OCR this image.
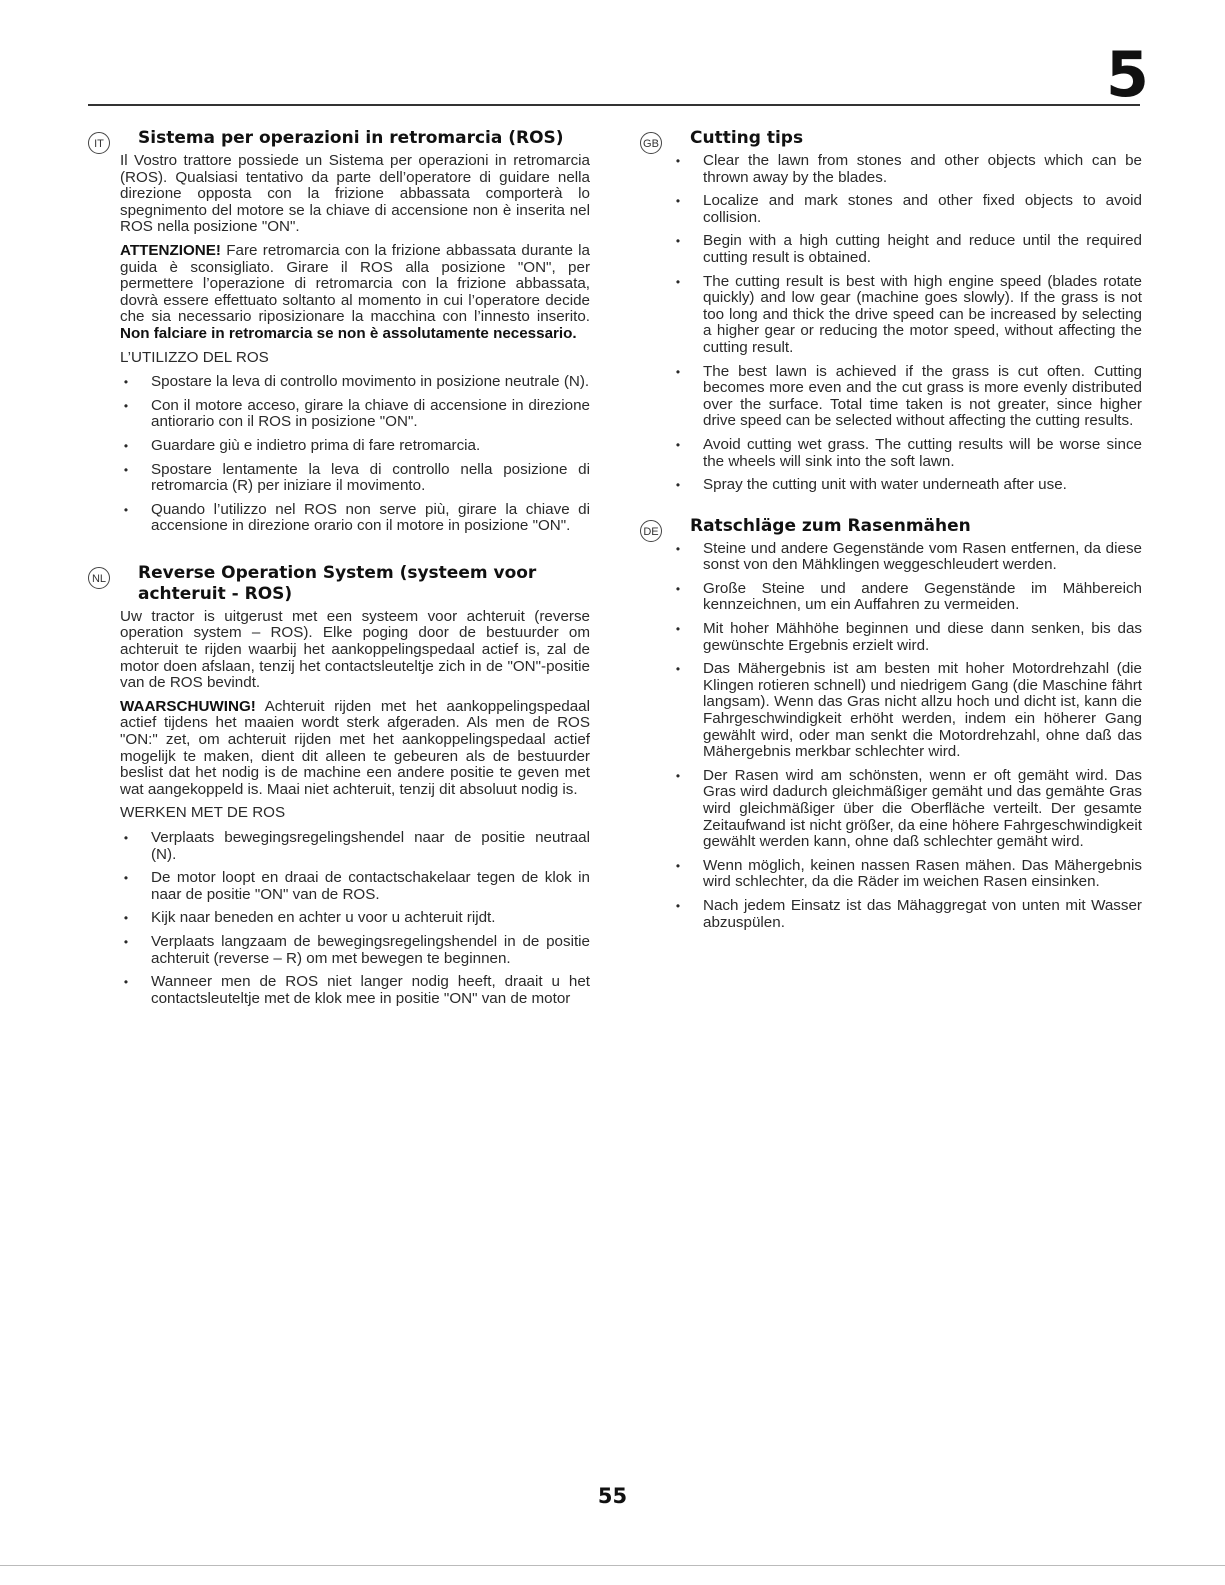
5
IT	Sistema per operazioni in retromarcia (ROS)

Il Vostro trattore possiede un Sistema per operazioni in retromarcia (ROS). Qualsiasi tentativo da parte dell’operatore di guidare nella direzione opposta con la frizione abbassata comporterà lo spegnimento del motore se la chiave di accensione non è inserita nel ROS nella posizione "ON".

ATTENZIONE! Fare retromarcia con la frizione abbassata durante la guida è sconsigliato. Girare il ROS alla posizione "ON", per permettere l’operazione di retromarcia con la frizione abbassata, dovrà essere effettuato soltanto al momento in cui l’operatore decide che sia necessario riposizionare la macchina con l’innesto inserito. Non falciare in retromarcia se non è assolutamente necessario.

L’UTILIZZO DEL ROS

• Spostare la leva di controllo movimento in posizione neutrale (N).
• Con il motore acceso, girare la chiave di accensione in direzione antiorario con il ROS in posizione "ON".
• Guardare giù e indietro prima di fare retromarcia.
• Spostare lentamente la leva di controllo nella posizione di retromarcia (R) per iniziare il movimento.
• Quando l’utilizzo nel ROS non serve più, girare la chiave di accensione in direzione orario con il motore in posizione "ON".
NL Reverse Operation System (systeem voor achteruit - ROS)

Uw tractor is uitgerust met een systeem voor achteruit (reverse operation system – ROS). Elke poging door de bestuurder om achteruit te rijden waarbij het aankoppelingspedaal actief is, zal de motor doen afslaan, tenzij het contactsleuteltje zich in de "ON"-positie van de ROS bevindt.

WAARSCHUWING! Achteruit rijden met het aankoppelingspedaal actief tijdens het maaien wordt sterk afgeraden. Als men de ROS "ON:" zet, om achteruit rijden met het aankoppelingspedaal actief mogelijk te maken, dient dit alleen te gebeuren als de bestuurder beslist dat het nodig is de machine een andere positie te geven met wat aangekoppeld is. Maai niet achteruit, tenzij dit absoluut nodig is.

WERKEN MET DE ROS

• Verplaats bewegingsregelingshendel naar de positie neutraal (N).
• De motor loopt en draai de contactschakelaar tegen de klok in naar de positie "ON" van de ROS.
• Kijk naar beneden en achter u voor u achteruit rijdt.
• Verplaats langzaam de bewegingsregelingshendel in de positie achteruit (reverse – R) om met bewegen te beginnen.
• Wanneer men de ROS niet langer nodig heeft, draait u het contactsleuteltje met de klok mee in positie "ON" van de motor
GB Cutting tips
• Clear the lawn from stones and other objects which can be thrown away by the blades.
• Localize and mark stones and other fixed objects to avoid collision.
• Begin with a high cutting height and reduce until the required cutting result is obtained.
• The cutting result is best with high engine speed (blades rotate quickly) and low gear (machine goes slowly). If the grass is not too long and thick the drive speed can be increased by selecting a higher gear or reducing the motor speed, without affecting the cutting result.
• The best lawn is achieved if the grass is cut often. Cutting becomes more even and the cut grass is more evenly distributed over the surface. Total time taken is not greater, since higher drive speed can be selected without affecting the cutting results.
• Avoid cutting wet grass. The cutting results will be worse since the wheels will sink into the soft lawn.
• Spray the cutting unit with water underneath after use.
DE Ratschläge zum Rasenmähen
• Steine und andere Gegenstände vom Rasen entfernen, da diese sonst von den Mähklingen weggeschleudert werden.
• Große Steine und andere Gegenstände im Mähbereich kennzeichnen, um ein Auffahren zu vermeiden.
• Mit hoher Mähhöhe beginnen und diese dann senken, bis das gewünschte Ergebnis erzielt wird.
• Das Mähergebnis ist am besten mit hoher Motordrehzahl (die Klingen rotieren schnell) und niedrigem Gang (die Maschine fährt langsam). Wenn das Gras nicht allzu hoch und dicht ist, kann die Fahrgeschwindigkeit erhöht werden, indem ein höherer Gang gewählt wird, oder man senkt die Motordrehzahl, ohne daß das Mähergebnis merkbar schlechter wird.
• Der Rasen wird am schönsten, wenn er oft gemäht wird. Das Gras wird dadurch gleichmäßiger gemäht und das gemähte Gras wird gleichmäßiger über die Oberfläche verteilt. Der gesamte Zeitaufwand ist nicht größer, da eine höhere Fahrgeschwindigkeit gewählt werden kann, ohne daß schlechter gemäht wird.
• Wenn möglich, keinen nassen Rasen mähen. Das Mähergebnis wird schlechter, da die Räder im weichen Rasen einsinken.
• Nach jedem Einsatz ist das Mähaggregat von unten mit Wasser abzuspülen.
55
